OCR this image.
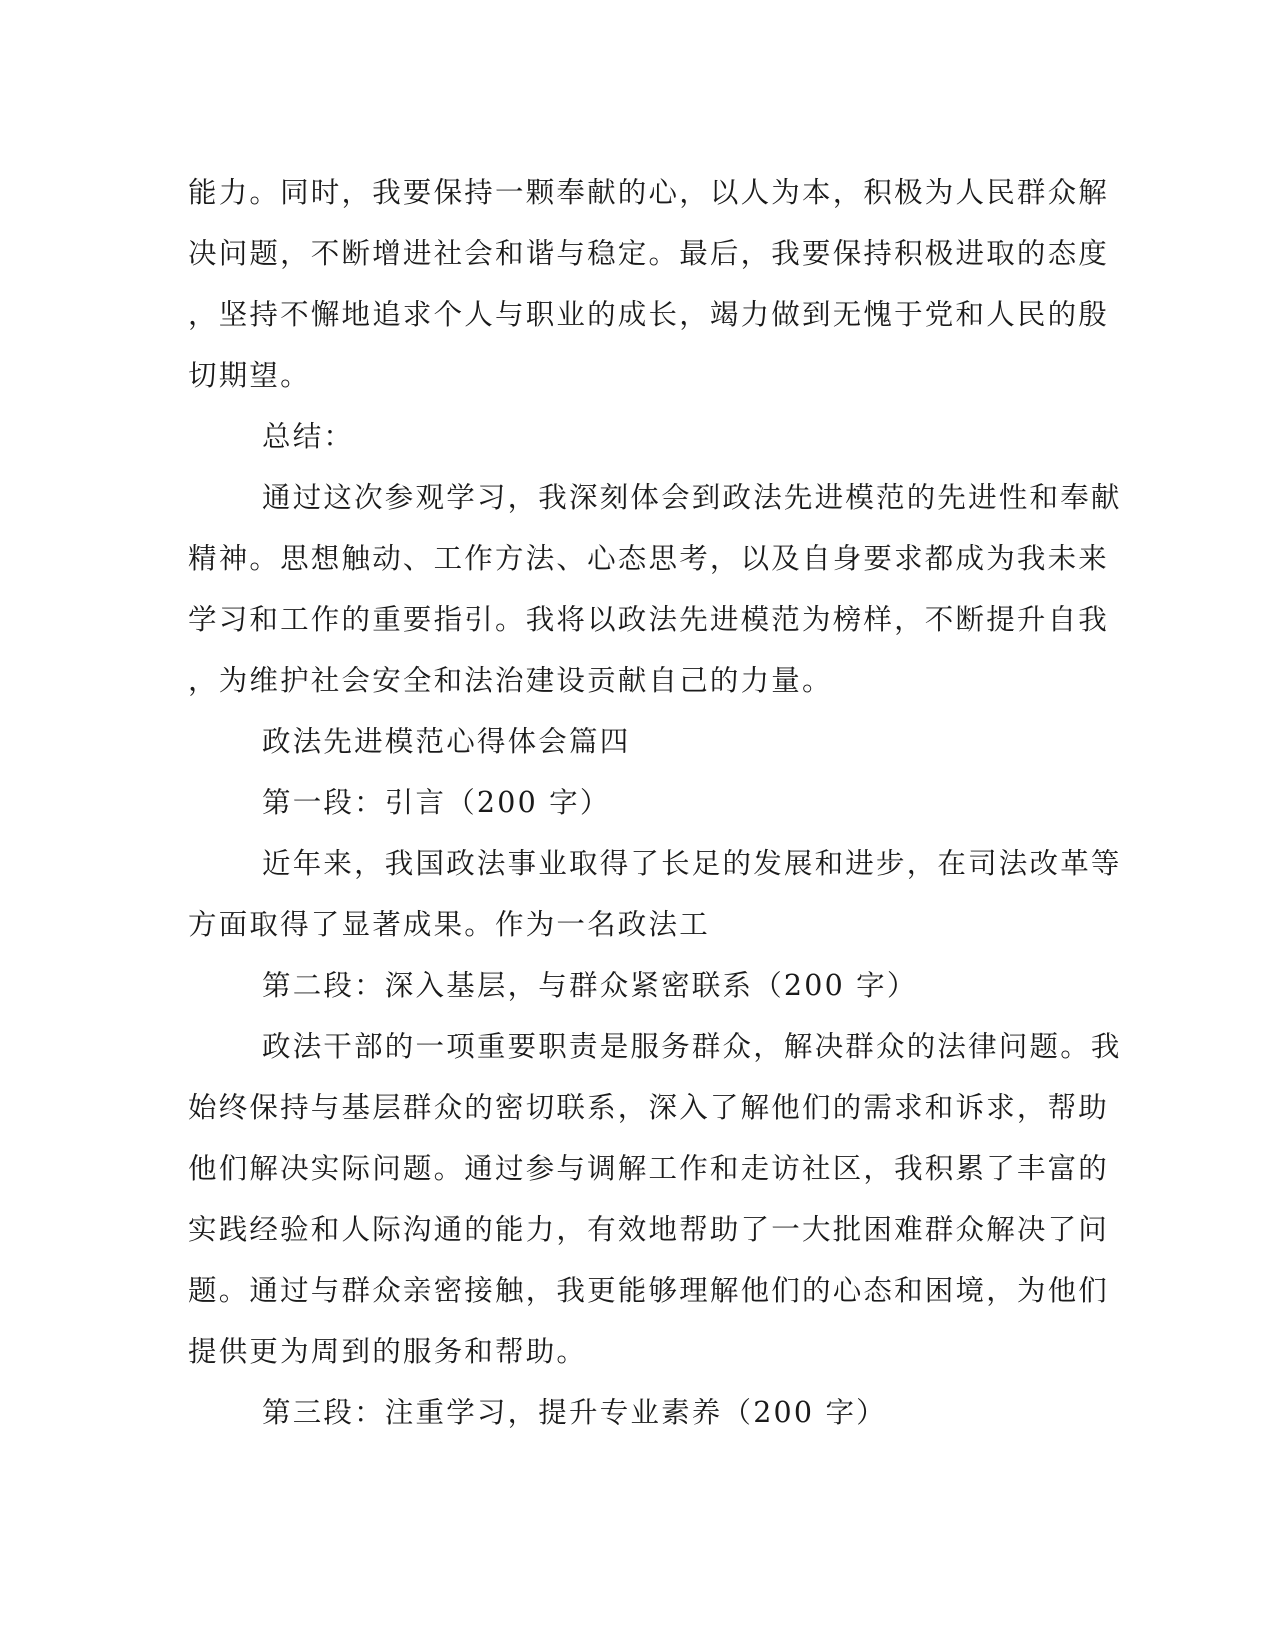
能力。同时，我要保持一颗奉献的心，以人为本，积极为人民群众解
决问题，不断增进社会和谐与稳定。最后，我要保持积极进取的态度
，坚持不懈地追求个人与职业的成长，竭力做到无愧于党和人民的殷
切期望。
总结：
通过这次参观学习，我深刻体会到政法先进模范的先进性和奉献
精神。思想触动、工作方法、心态思考，以及自身要求都成为我未来
学习和工作的重要指引。我将以政法先进模范为榜样，不断提升自我
，为维护社会安全和法治建设贡献自己的力量。
政法先进模范心得体会篇四
第一段：引言（200 字）
近年来，我国政法事业取得了长足的发展和进步，在司法改革等
方面取得了显著成果。作为一名政法工
第二段：深入基层，与群众紧密联系（200 字）
政法干部的一项重要职责是服务群众，解决群众的法律问题。我
始终保持与基层群众的密切联系，深入了解他们的需求和诉求，帮助
他们解决实际问题。通过参与调解工作和走访社区，我积累了丰富的
实践经验和人际沟通的能力，有效地帮助了一大批困难群众解决了问
题。通过与群众亲密接触，我更能够理解他们的心态和困境，为他们
提供更为周到的服务和帮助。
第三段：注重学习，提升专业素养（200 字）
